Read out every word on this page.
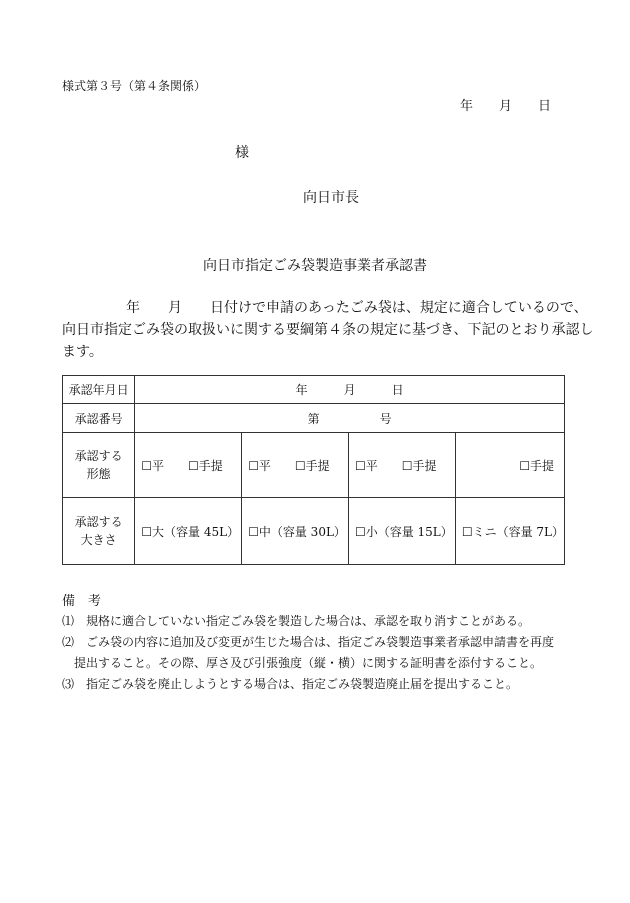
様式第３号（第４条関係）
年　　月　　日
様
向日市長
向日市指定ごみ袋製造事業者承認書
年　　月　　日付けで申請のあったごみ袋は、規定に適合しているので、
向日市指定ごみ袋の取扱いに関する要綱第４条の規定に基づき、下記のとおり承認し
ます。
承認年月日	年　　　月　　　日			
承認番号	第　　　　　号			

承認する
形態	☐平　　☐手提	☐平　　☐手提	☐平　　☐手提	☐手提

承認する
大きさ	☐大（容量 45L）	☐中（容量 30L）	☐小（容量 15L）	☐ミニ（容量 7L）
備　考
⑴　規格に適合していない指定ごみ袋を製造した場合は、承認を取り消すことがある。
⑵　ごみ袋の内容に追加及び変更が生じた場合は、指定ごみ袋製造事業者承認申請書を再度
提出すること。その際、厚さ及び引張強度（縦・横）に関する証明書を添付すること。
⑶　指定ごみ袋を廃止しようとする場合は、指定ごみ袋製造廃止届を提出すること。
